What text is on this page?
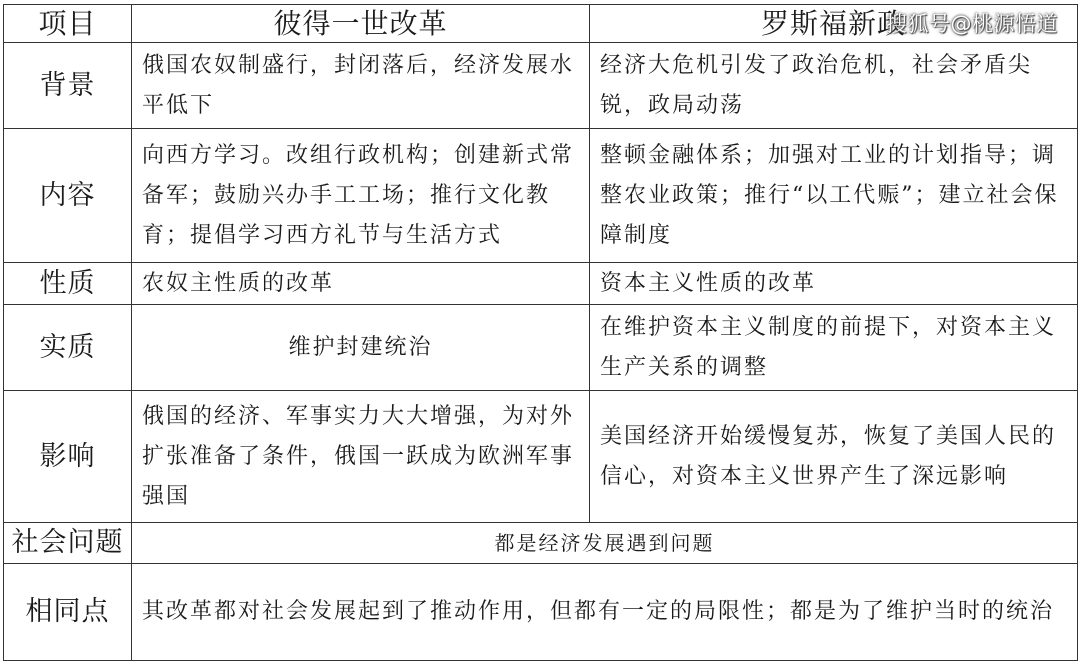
项目	彼得一世改革	罗斯福新政
背景	俄国农奴制盛行，封闭落后，经济发展水平低下	经济大危机引发了政治危机，社会矛盾尖锐，政局动荡
内容	向西方学习。改组行政机构；创建新式常备军；鼓励兴办手工工场；推行文化教育；提倡学习西方礼节与生活方式	整顿金融体系；加强对工业的计划指导；调整农业政策；推行“以工代赈”；建立社会保障制度
性质	农奴主性质的改革	资本主义性质的改革
实质	维护封建统治	在维护资本主义制度的前提下，对资本主义生产关系的调整
影响	俄国的经济、军事实力大大增强，为对外扩张准备了条件，俄国一跃成为欧洲军事强国	美国经济开始缓慢复苏，恢复了美国人民的信心，对资本主义世界产生了深远影响
社会问题	都是经济发展遇到问题	
相同点	其改革都对社会发展起到了推动作用，但都有一定的局限性；都是为了维护当时的统治	
搜狐号@桃源悟道
